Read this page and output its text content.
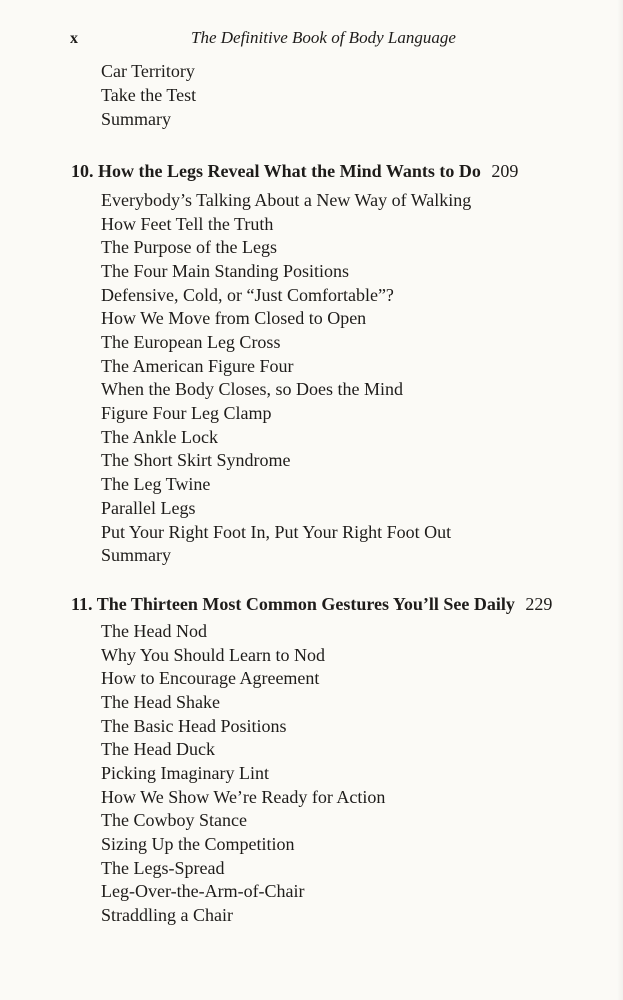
x	The Definitive Book of Body Language
Car Territory
Take the Test
Summary
10. How the Legs Reveal What the Mind Wants to Do 209
Everybody’s Talking About a New Way of Walking
How Feet Tell the Truth
The Purpose of the Legs
The Four Main Standing Positions
Defensive, Cold, or “Just Comfortable”?
How We Move from Closed to Open
The European Leg Cross
The American Figure Four
When the Body Closes, so Does the Mind
Figure Four Leg Clamp
The Ankle Lock
The Short Skirt Syndrome
The Leg Twine
Parallel Legs
Put Your Right Foot In, Put Your Right Foot Out
Summary
11. The Thirteen Most Common Gestures You’ll See Daily 229
The Head Nod
Why You Should Learn to Nod
How to Encourage Agreement
The Head Shake
The Basic Head Positions
The Head Duck
Picking Imaginary Lint
How We Show We’re Ready for Action
The Cowboy Stance
Sizing Up the Competition
The Legs-Spread
Leg-Over-the-Arm-of-Chair
Straddling a Chair
